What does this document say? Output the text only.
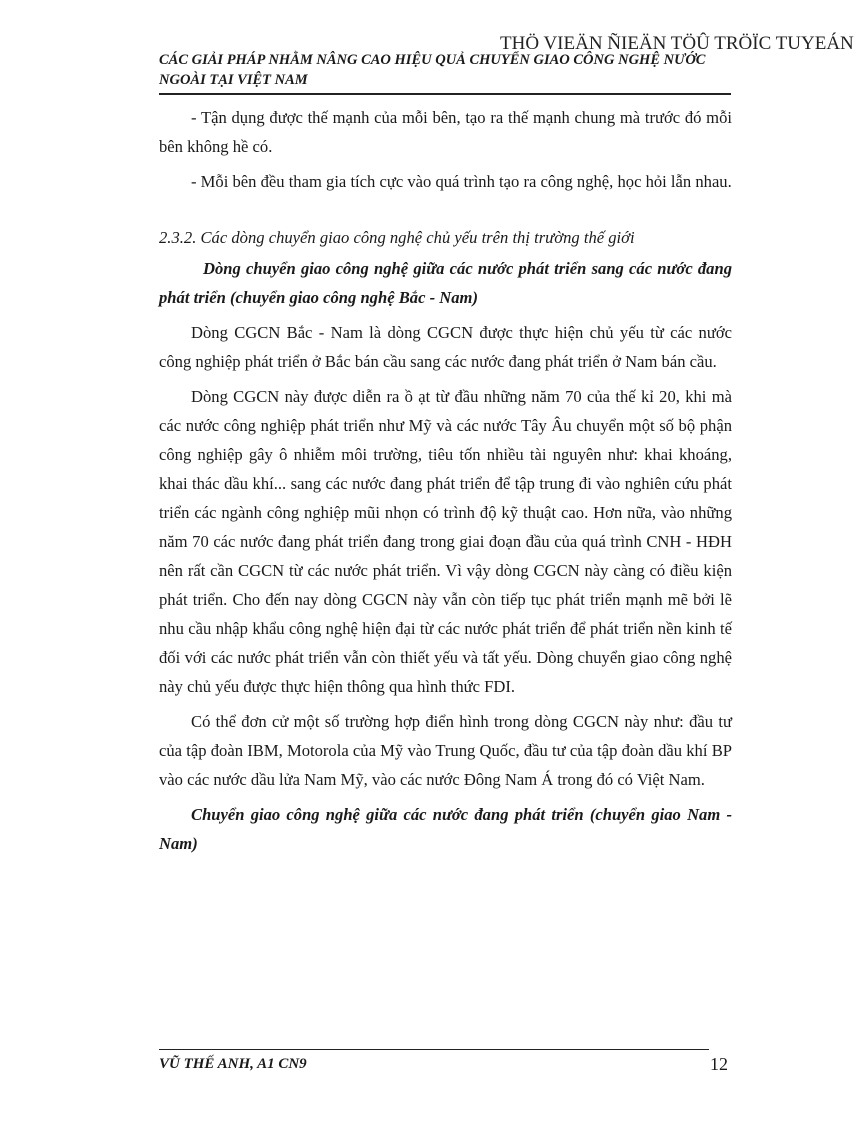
THÖ VIEÄN ÑIEÄN TÖÛ TRÖÏC TUYEÁN
CÁC GIẢI PHÁP NHẰM NÂNG CAO HIỆU QUẢ CHUYỂN GIAO CÔNG NGHỆ NƯỚC NGOÀI TẠI VIỆT NAM

- Tận dụng được thế mạnh của mỗi bên, tạo ra thế mạnh chung mà trước đó mỗi bên không hề có.

- Mỗi bên đều tham gia tích cực vào quá trình tạo ra công nghệ, học hỏi lẫn nhau.

2.3.2. Các dòng chuyển giao công nghệ chủ yếu trên thị trường thế giới

Dòng chuyển giao công nghệ giữa các nước phát triển sang các nước đang phát triển (chuyển giao công nghệ Bắc - Nam)

Dòng CGCN Bắc - Nam là dòng CGCN được thực hiện chủ yếu từ các nước công nghiệp phát triển ở Bắc bán cầu sang các nước đang phát triển ở Nam bán cầu.

Dòng CGCN này được diễn ra ồ ạt từ đầu những năm 70 của thế kỉ 20, khi mà các nước công nghiệp phát triển như Mỹ và các nước Tây Âu chuyển một số bộ phận công nghiệp gây ô nhiễm môi trường, tiêu tốn nhiều tài nguyên như: khai khoáng, khai thác dầu khí... sang các nước đang phát triển để tập trung đi vào nghiên cứu phát triển các ngành công nghiệp mũi nhọn có trình độ kỹ thuật cao. Hơn nữa, vào những năm 70 các nước đang phát triển đang trong giai đoạn đầu của quá trình CNH - HĐH nên rất cần CGCN từ các nước phát triển. Vì vậy dòng CGCN này càng có điều kiện phát triển. Cho đến nay dòng CGCN này vẫn còn tiếp tục phát triển mạnh mẽ bởi lẽ nhu cầu nhập khẩu công nghệ hiện đại từ các nước phát triển để phát triển nền kinh tế đối với các nước phát triển vẫn còn thiết yếu và tất yếu. Dòng chuyển giao công nghệ này chủ yếu được thực hiện thông qua hình thức FDI.

Có thể đơn cử một số trường hợp điển hình trong dòng CGCN này như: đầu tư của tập đoàn IBM, Motorola của Mỹ vào Trung Quốc, đầu tư của tập đoàn dầu khí BP vào các nước dầu lửa Nam Mỹ, vào các nước Đông Nam Á trong đó có Việt Nam.

Chuyển giao công nghệ giữa các nước đang phát triển (chuyển giao Nam - Nam)

VŨ THẾ ANH, A1 CN9	12
